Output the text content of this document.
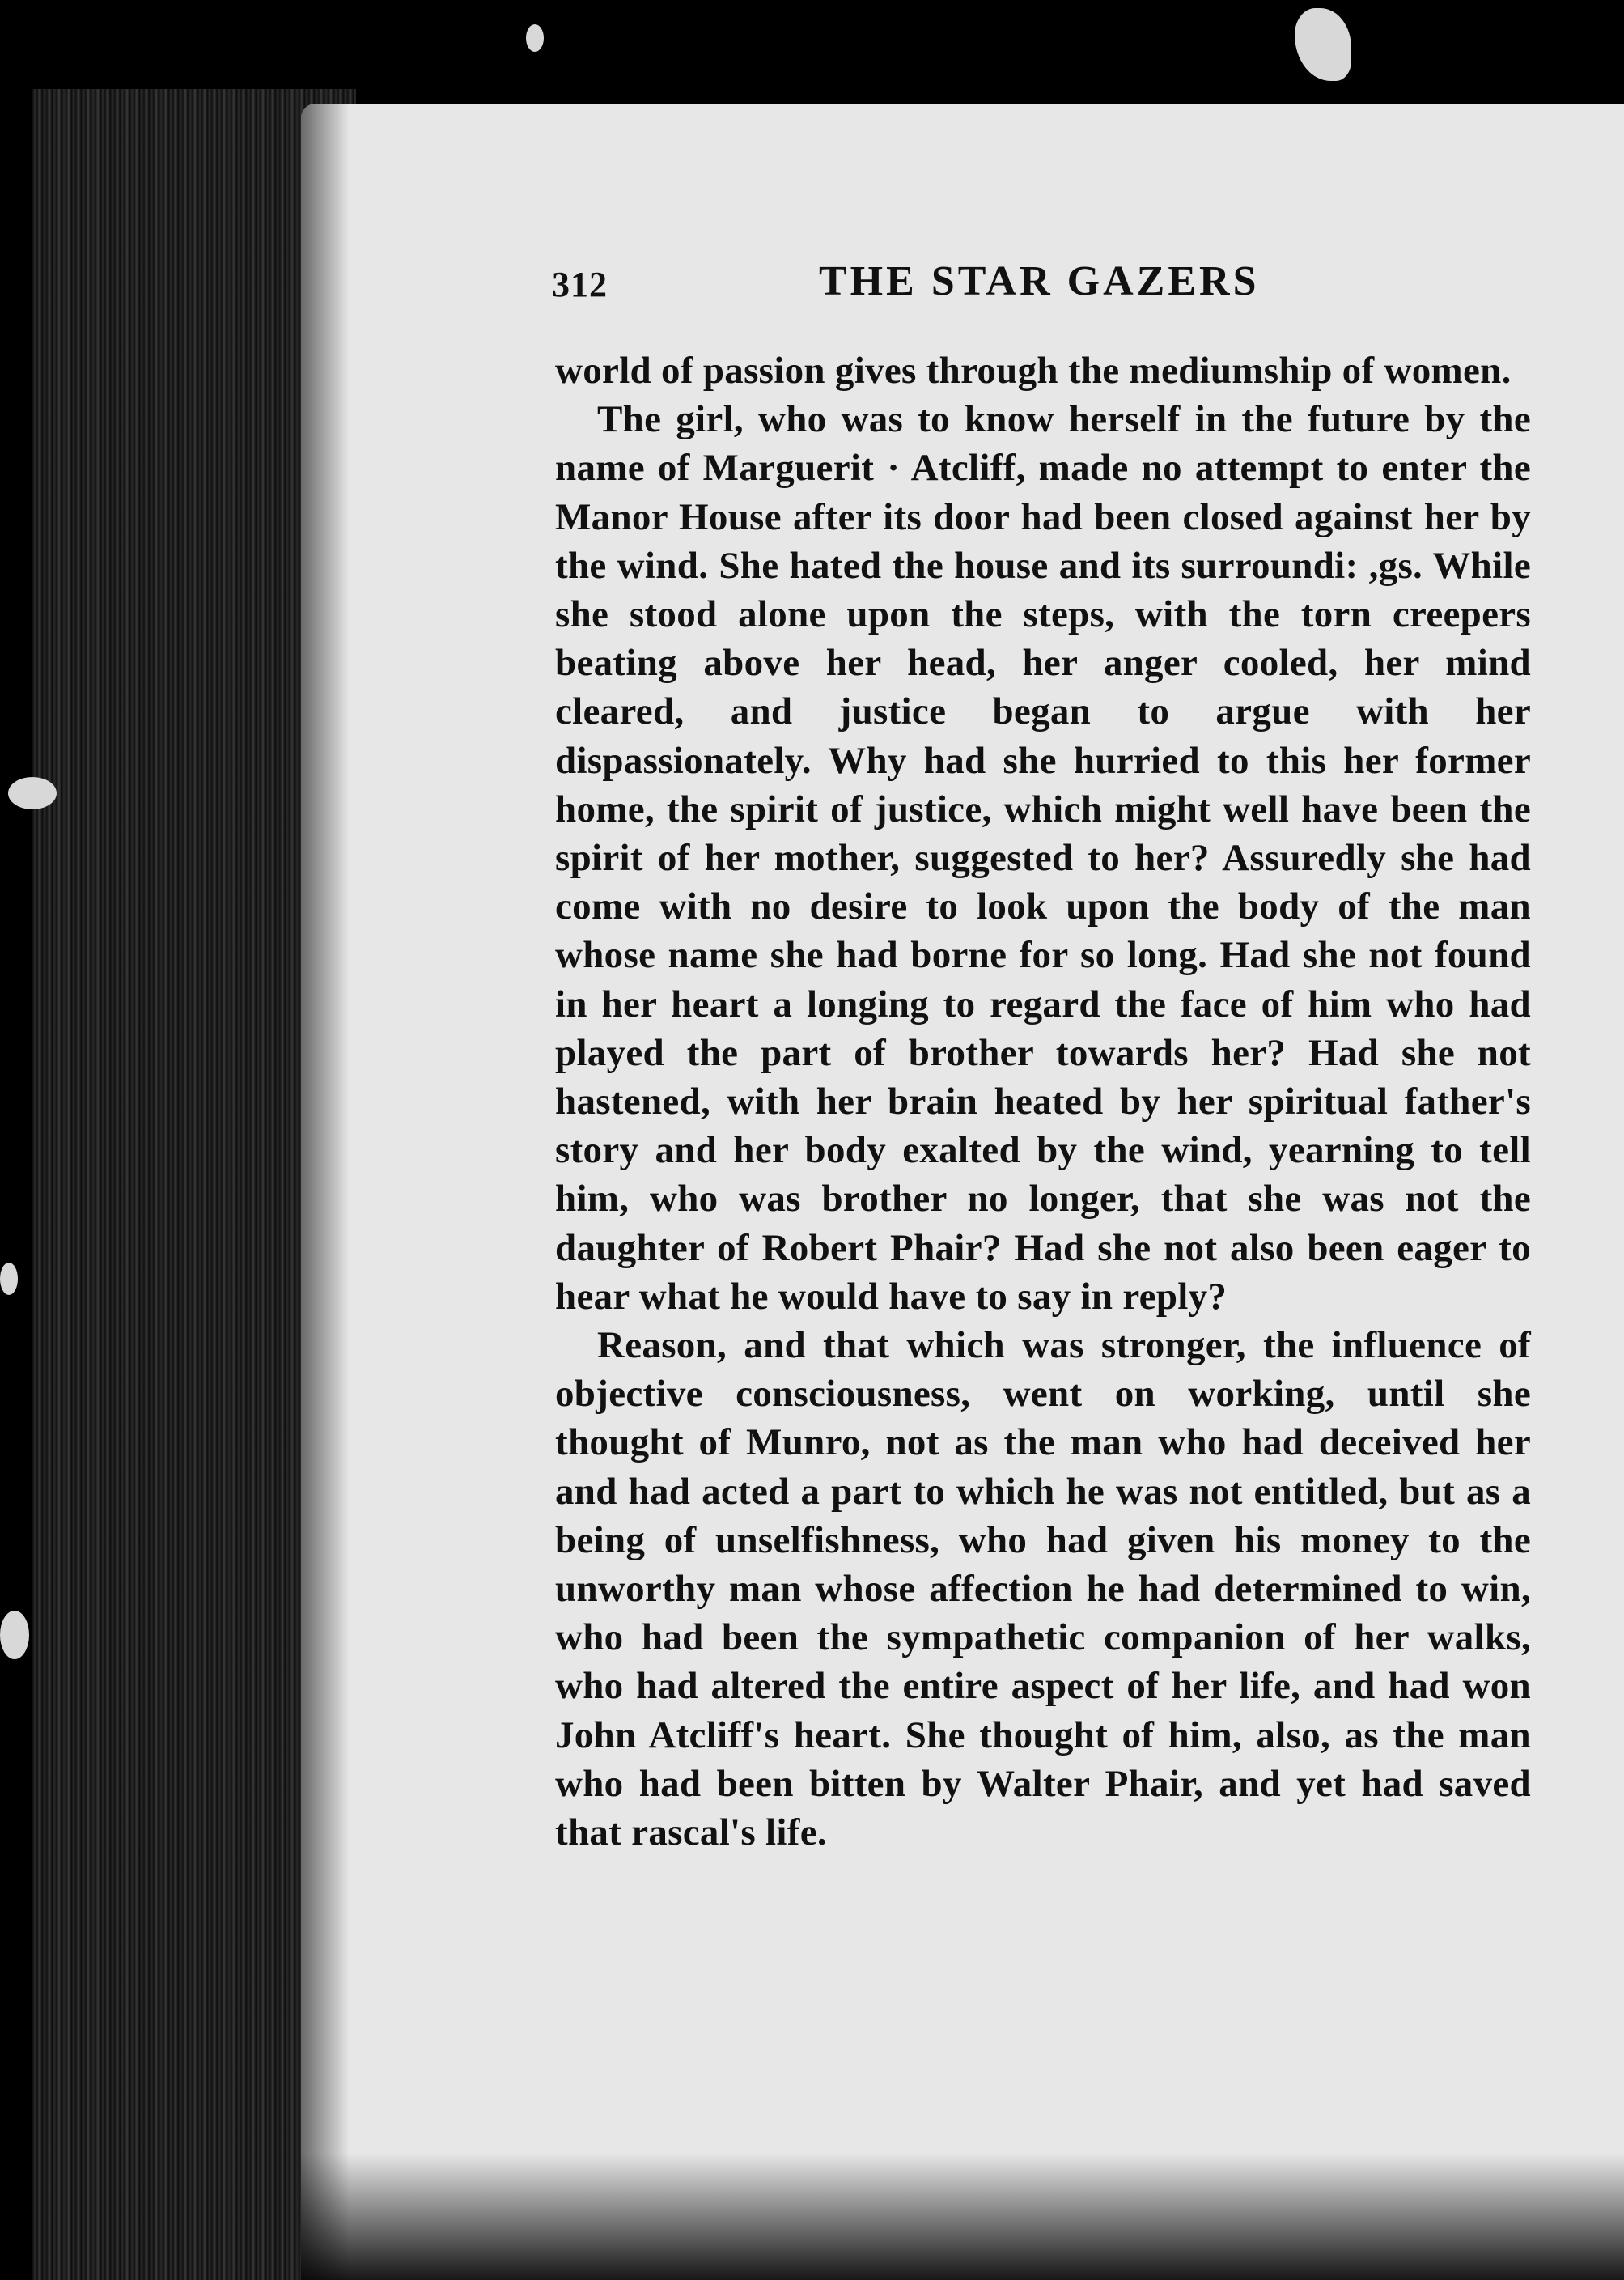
312	THE STAR GAZERS

world of passion gives through the mediumship of women.

The girl, who was to know herself in the future by the name of Marguerit · Atcliff, made no attempt to enter the Manor House after its door had been closed against her by the wind. She hated the house and its surroundi: ,gs. While she stood alone upon the steps, with the torn creepers beating above her head, her anger cooled, her mind cleared, and justice began to argue with her dispassionately. Why had she hurried to this her former home, the spirit of justice, which might well have been the spirit of her mother, suggested to her? Assuredly she had come with no desire to look upon the body of the man whose name she had borne for so long. Had she not found in her heart a longing to regard the face of him who had played the part of brother towards her? Had she not hastened, with her brain heated by her spiritual father's story and her body exalted by the wind, yearning to tell him, who was brother no longer, that she was not the daughter of Robert Phair? Had she not also been eager to hear what he would have to say in reply?

Reason, and that which was stronger, the influence of objective consciousness, went on working, until she thought of Munro, not as the man who had deceived her and had acted a part to which he was not entitled, but as a being of unselfishness, who had given his money to the unworthy man whose affection he had determined to win, who had been the sympathetic companion of her walks, who had altered the entire aspect of her life, and had won John Atcliff's heart. She thought of him, also, as the man who had been bitten by Walter Phair, and yet had saved that rascal's life.
